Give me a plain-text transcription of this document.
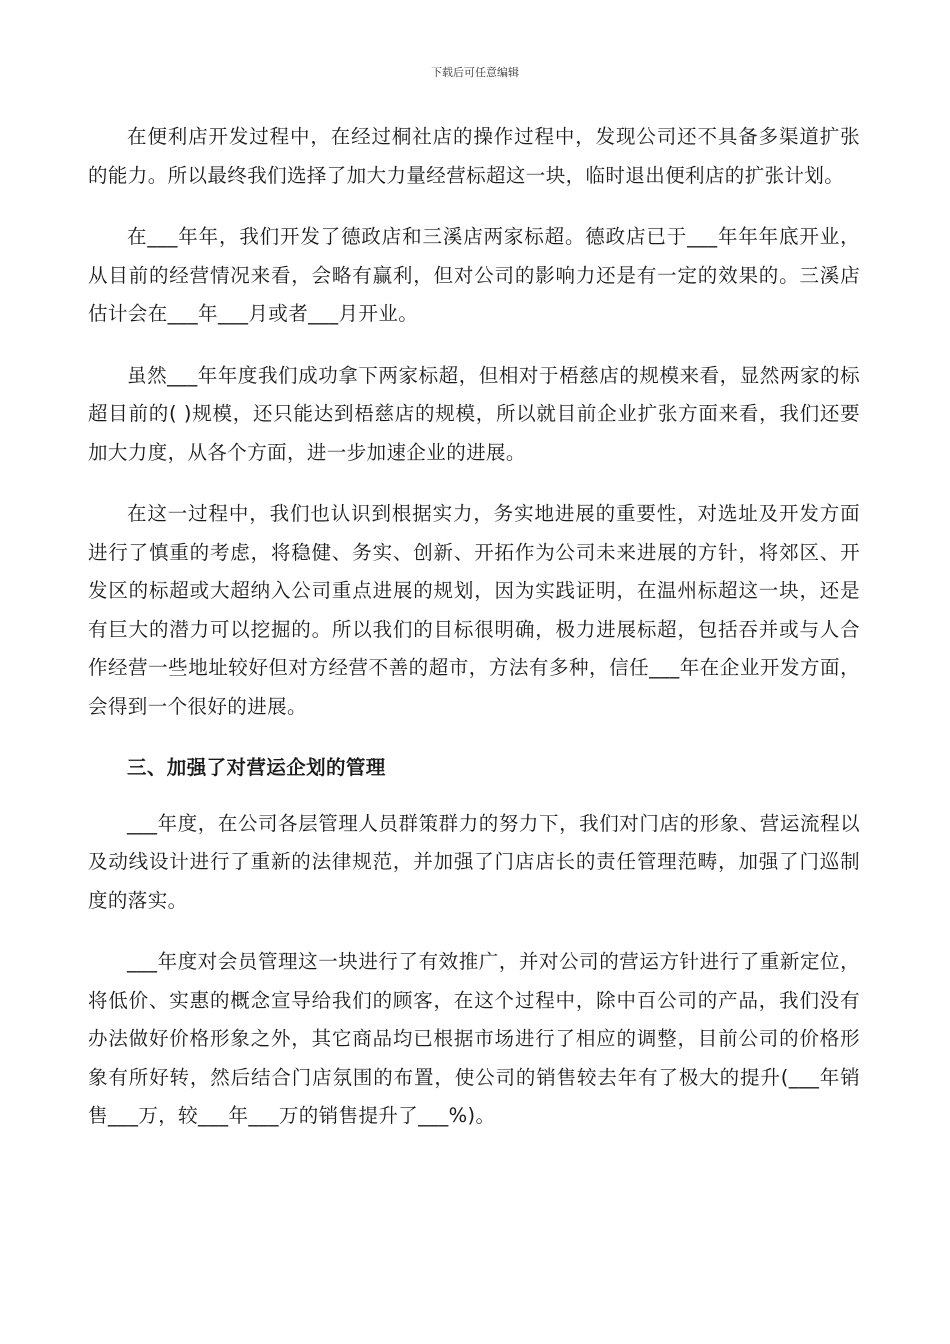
下载后可任意编辑

在便利店开发过程中，在经过桐社店的操作过程中，发现公司还不具备多渠道扩张的能力。所以最终我们选择了加大力量经营标超这一块，临时退出便利店的扩张计划。

在___年年，我们开发了德政店和三溪店两家标超。德政店已于___年年年底开业，从目前的经营情况来看，会略有赢利，但对公司的影响力还是有一定的效果的。三溪店估计会在___年___月或者___月开业。

虽然___年年度我们成功拿下两家标超，但相对于梧慈店的规模来看，显然两家的标超目前的( )规模，还只能达到梧慈店的规模，所以就目前企业扩张方面来看，我们还要加大力度，从各个方面，进一步加速企业的进展。

在这一过程中，我们也认识到根据实力，务实地进展的重要性，对选址及开发方面进行了慎重的考虑，将稳健、务实、创新、开拓作为公司未来进展的方针，将郊区、开发区的标超或大超纳入公司重点进展的规划，因为实践证明，在温州标超这一块，还是有巨大的潜力可以挖掘的。所以我们的目标很明确，极力进展标超，包括吞并或与人合作经营一些地址较好但对方经营不善的超市，方法有多种，信任___年在企业开发方面，会得到一个很好的进展。

三、加强了对营运企划的管理

___年度，在公司各层管理人员群策群力的努力下，我们对门店的形象、营运流程以及动线设计进行了重新的法律规范，并加强了门店店长的责任管理范畴，加强了门巡制度的落实。

___年度对会员管理这一块进行了有效推广，并对公司的营运方针进行了重新定位，将低价、实惠的概念宣导给我们的顾客，在这个过程中，除中百公司的产品，我们没有办法做好价格形象之外，其它商品均已根据市场进行了相应的调整，目前公司的价格形象有所好转，然后结合门店氛围的布置，使公司的销售较去年有了极大的提升(___年销售___万，较___年___万的销售提升了___%)。
